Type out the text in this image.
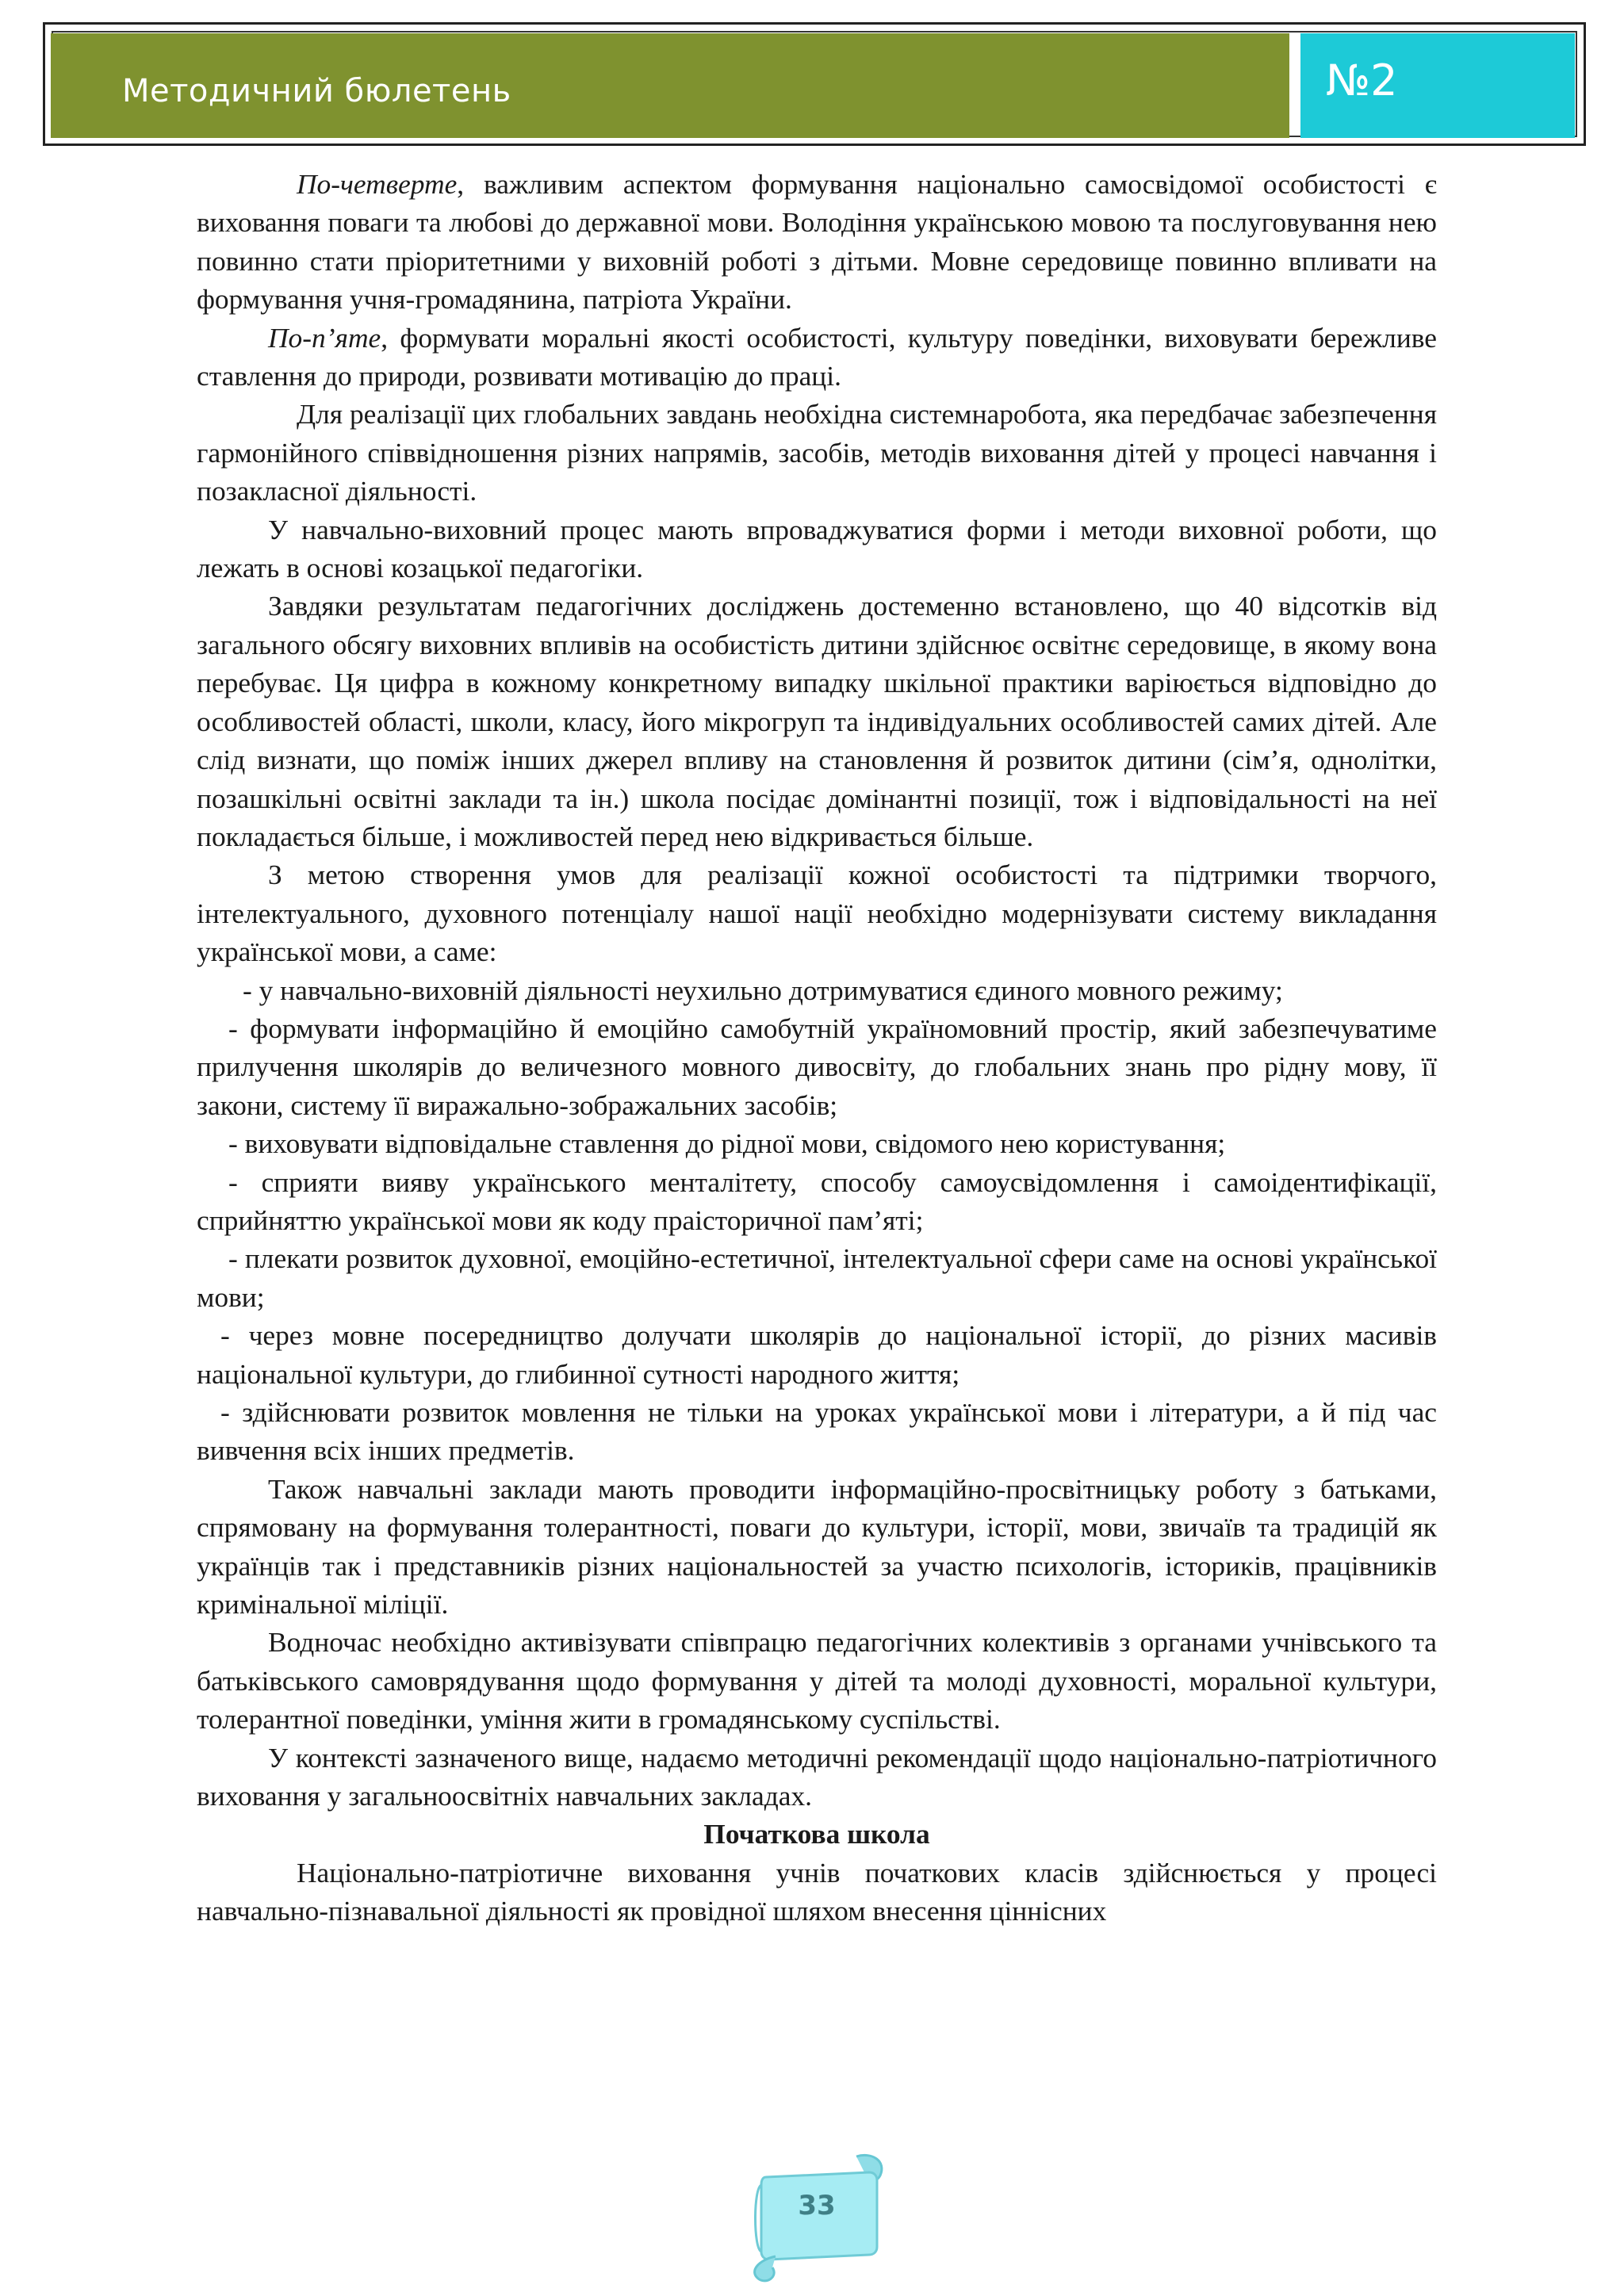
Методичний бюлетень	№2

По-четверте, важливим аспектом формування національно самосвідомої особистості є виховання поваги та любові до державної мови. Володіння українською мовою та послуговування нею повинно стати пріоритетними у виховній роботі з дітьми. Мовне середовище повинно впливати на формування учня-громадянина, патріота України.

По-п’яте, формувати моральні якості особистості, культуру поведінки, виховувати бережливе ставлення до природи, розвивати мотивацію до праці.

Для реалізації цих глобальних завдань необхідна системнаробота, яка передбачає забезпечення гармонійного співвідношення різних напрямів, засобів, методів виховання дітей у процесі навчання і позакласної діяльності.

У навчально-виховний процес мають впроваджуватися форми і методи виховної роботи, що лежать в основі козацької педагогіки.

Завдяки результатам педагогічних досліджень достеменно встановлено, що 40 відсотків від загального обсягу виховних впливів на особистість дитини здійснює освітнє середовище, в якому вона перебуває. Ця цифра в кожному конкретному випадку шкільної практики варіюється відповідно до особливостей області, школи, класу, його мікрогруп та індивідуальних особливостей самих дітей. Але слід визнати, що поміж інших джерел впливу на становлення й розвиток дитини (сім’я, однолітки, позашкільні освітні заклади та ін.) школа посідає домінантні позиції, тож і відповідальності на неї покладається більше, і можливостей перед нею відкривається більше.

З метою створення умов для реалізації кожної особистості та підтримки творчого, інтелектуального, духовного потенціалу нашої нації необхідно модернізувати систему викладання української мови, а саме:

- у навчально-виховній діяльності неухильно дотримуватися єдиного мовного режиму;

- формувати інформаційно й емоційно самобутній україномовний простір, який забезпечуватиме прилучення школярів до величезного мовного дивосвіту, до глобальних знань про рідну мову, її закони, систему її виражально-зображальних засобів;

- виховувати відповідальне ставлення до рідної мови, свідомого нею користування;

- сприяти вияву українського менталітету, способу самоусвідомлення і самоідентифікації, сприйняттю української мови як коду праісторичної пам’яті;

- плекати розвиток духовної, емоційно-естетичної, інтелектуальної сфери саме на основі української мови;

- через мовне посередництво долучати школярів до національної історії, до різних масивів національної культури, до глибинної сутності народного життя;

- здійснювати розвиток мовлення не тільки на уроках української мови і літератури, а й під час вивчення всіх інших предметів.

Також навчальні заклади мають проводити інформаційно-просвітницьку роботу з батьками, спрямовану на формування толерантності, поваги до культури, історії, мови, звичаїв та традицій як українців так і представників різних національностей за участю психологів, істориків, працівників кримінальної міліції.

Водночас необхідно активізувати співпрацю педагогічних колективів з органами учнівського та батьківського самоврядування щодо формування у дітей та молоді духовності, моральної культури, толерантної поведінки, уміння жити в громадянському суспільстві.

У контексті зазначеного вище, надаємо методичні рекомендації щодо національно-патріотичного виховання у загальноосвітніх навчальних закладах.

Початкова школа

Національно-патріотичне виховання учнів початкових класів здійснюється у процесі навчально-пізнавальної діяльності як провідної шляхом внесення ціннісних

33
